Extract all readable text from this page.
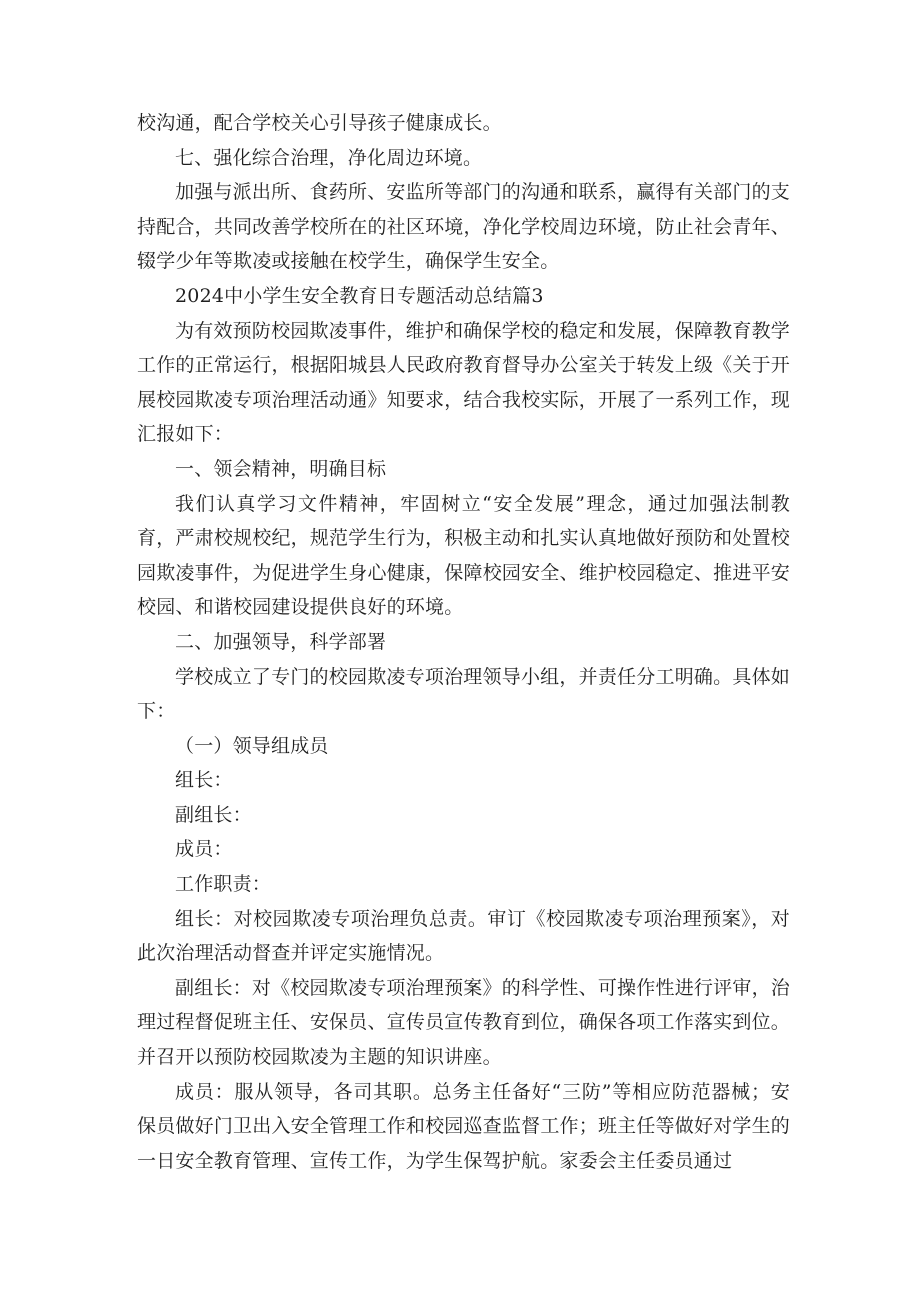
校沟通，配合学校关心引导孩子健康成长。

七、强化综合治理，净化周边环境。

加强与派出所、食药所、安监所等部门的沟通和联系，赢得有关部门的支持配合，共同改善学校所在的社区环境，净化学校周边环境，防止社会青年、辍学少年等欺凌或接触在校学生，确保学生安全。

2024中小学生安全教育日专题活动总结篇3

为有效预防校园欺凌事件，维护和确保学校的稳定和发展，保障教育教学工作的正常运行，根据阳城县人民政府教育督导办公室关于转发上级《关于开展校园欺凌专项治理活动通》知要求，结合我校实际，开展了一系列工作，现汇报如下：

一、领会精神，明确目标

我们认真学习文件精神，牢固树立“安全发展”理念，通过加强法制教育，严肃校规校纪，规范学生行为，积极主动和扎实认真地做好预防和处置校园欺凌事件，为促进学生身心健康，保障校园安全、维护校园稳定、推进平安校园、和谐校园建设提供良好的环境。

二、加强领导，科学部署

学校成立了专门的校园欺凌专项治理领导小组，并责任分工明确。具体如下：

（一）领导组成员

组长：

副组长：

成员：

工作职责：

组长：对校园欺凌专项治理负总责。审订《校园欺凌专项治理预案》，对此次治理活动督查并评定实施情况。

副组长：对《校园欺凌专项治理预案》的科学性、可操作性进行评审，治理过程督促班主任、安保员、宣传员宣传教育到位，确保各项工作落实到位。并召开以预防校园欺凌为主题的知识讲座。

成员：服从领导，各司其职。总务主任备好“三防”等相应防范器械；安保员做好门卫出入安全管理工作和校园巡查监督工作；班主任等做好对学生的一日安全教育管理、宣传工作，为学生保驾护航。家委会主任委员通过
